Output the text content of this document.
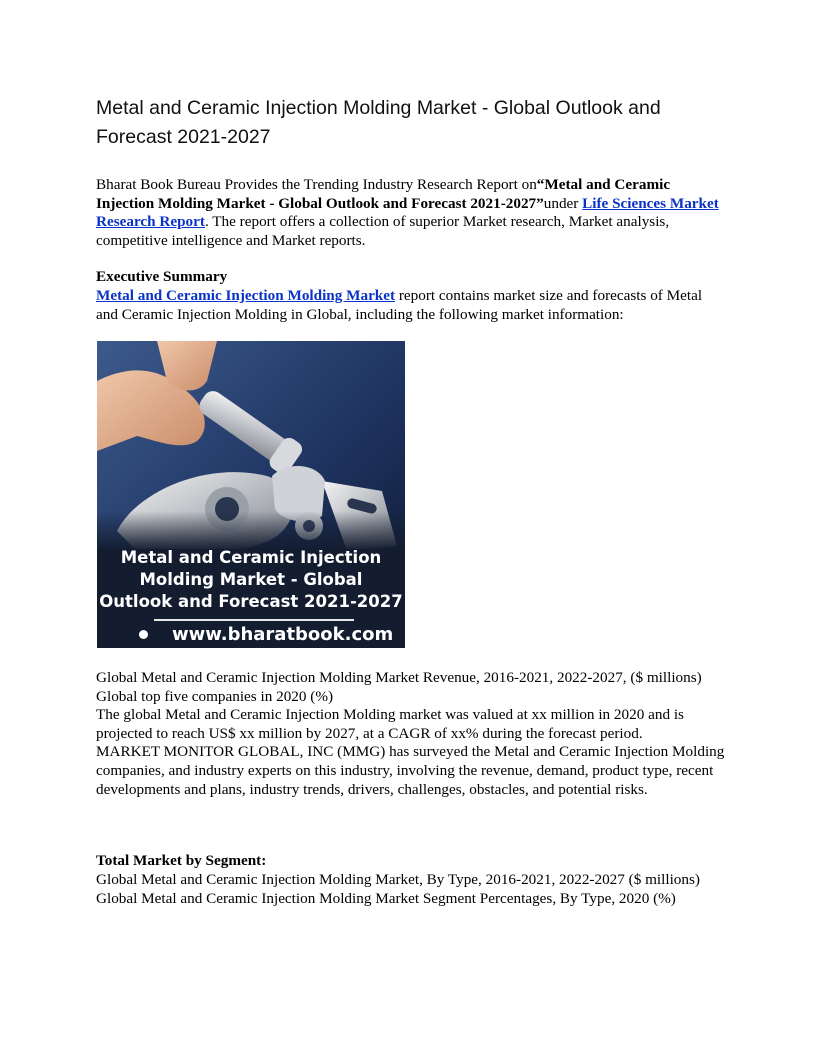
Metal and Ceramic Injection Molding Market - Global Outlook and Forecast 2021-2027

Bharat Book Bureau Provides the Trending Industry Research Report on“Metal and Ceramic Injection Molding Market - Global Outlook and Forecast 2021-2027”under Life Sciences Market Research Report. The report offers a collection of superior Market research, Market analysis, competitive intelligence and Market reports.

Executive Summary

Metal and Ceramic Injection Molding Market report contains market size and forecasts of Metal and Ceramic Injection Molding in Global, including the following market information:

Metal and Ceramic Injection
Molding Market - Global
Outlook and Forecast 2021-2027
www.bharatbook.com
Global Metal and Ceramic Injection Molding Market Revenue, 2016-2021, 2022-2027, ($ millions)
Global top five companies in 2020 (%)
The global Metal and Ceramic Injection Molding market was valued at xx million in 2020 and is projected to reach US$ xx million by 2027, at a CAGR of xx% during the forecast period.
MARKET MONITOR GLOBAL, INC (MMG) has surveyed the Metal and Ceramic Injection Molding companies, and industry experts on this industry, involving the revenue, demand, product type, recent developments and plans, industry trends, drivers, challenges, obstacles, and potential risks.

Total Market by Segment:

Global Metal and Ceramic Injection Molding Market, By Type, 2016-2021, 2022-2027 ($ millions)
Global Metal and Ceramic Injection Molding Market Segment Percentages, By Type, 2020 (%)
